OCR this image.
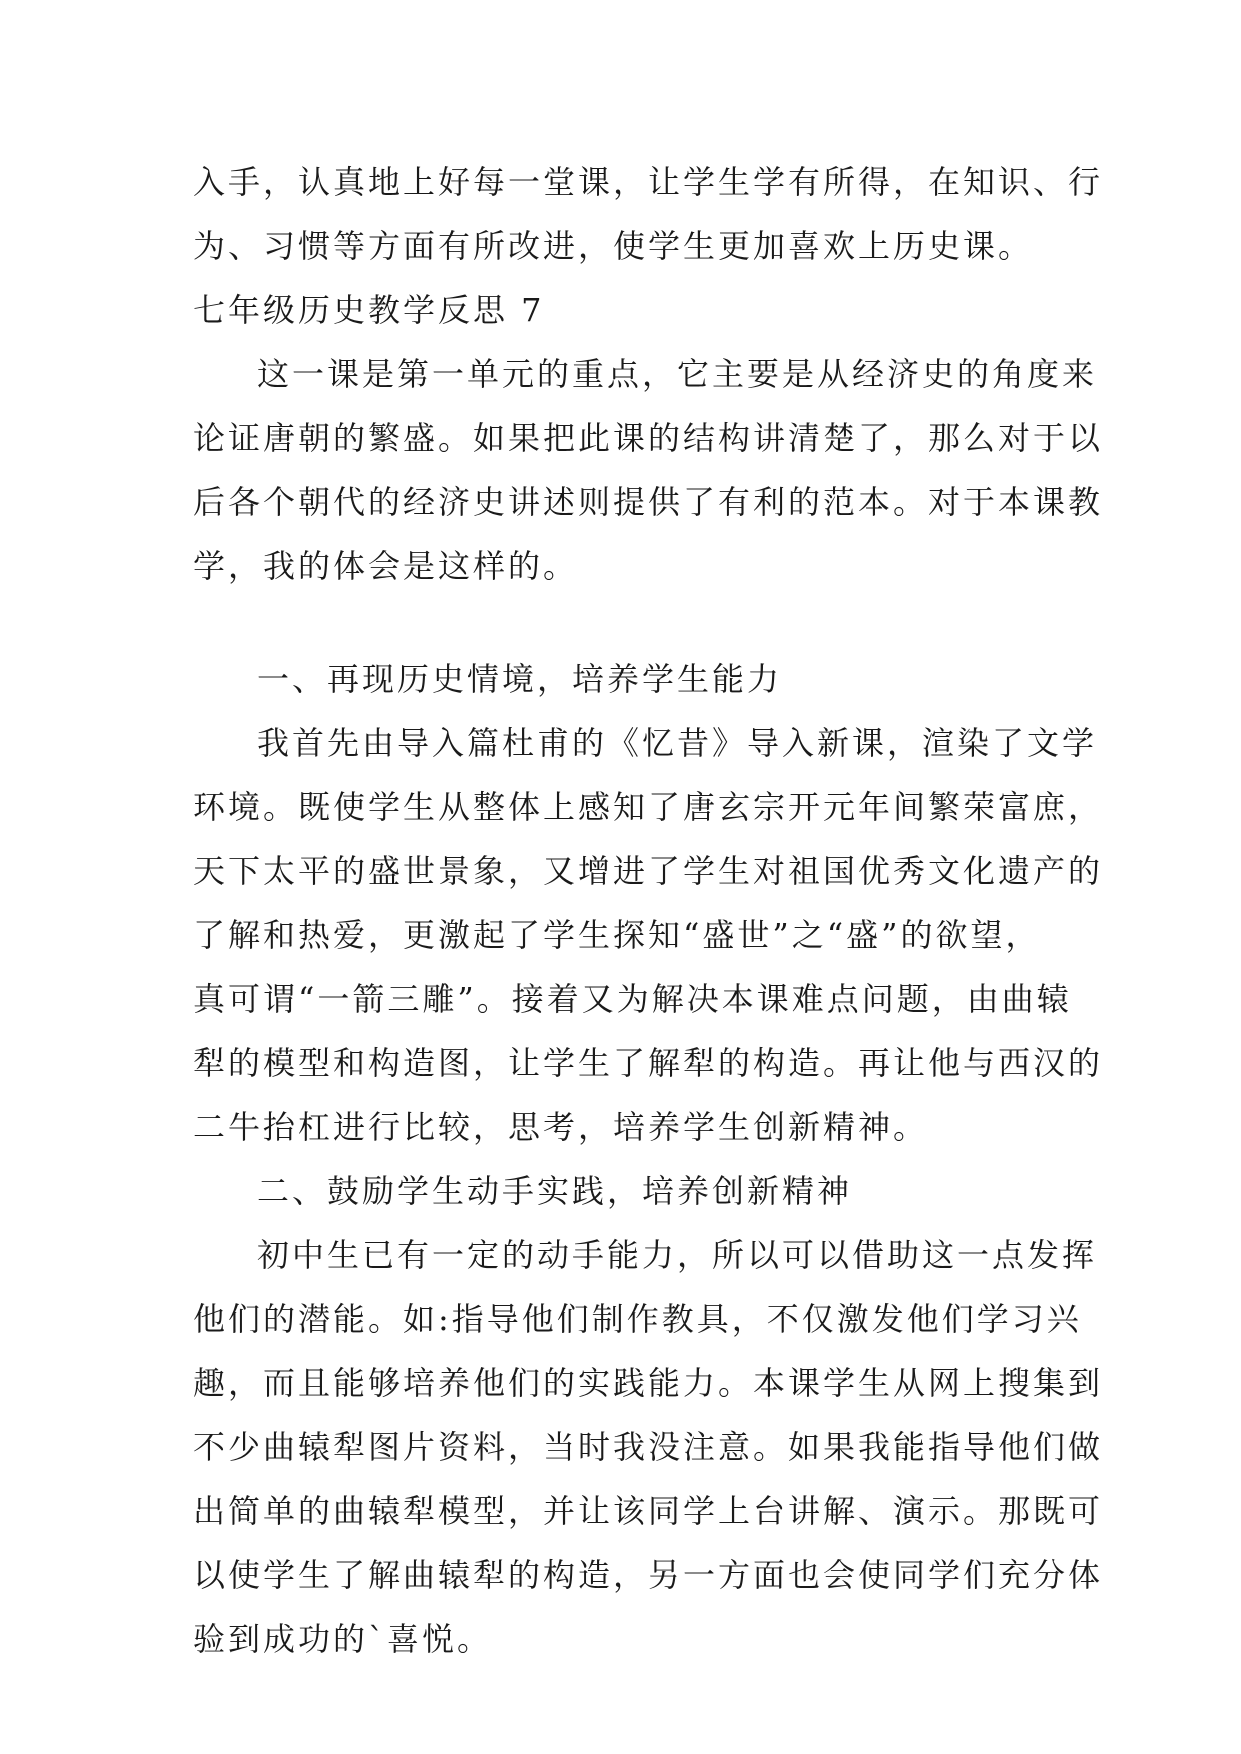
入手，认真地上好每一堂课，让学生学有所得，在知识、行
为、习惯等方面有所改进，使学生更加喜欢上历史课。
七年级历史教学反思 7
这一课是第一单元的重点，它主要是从经济史的角度来
论证唐朝的繁盛。如果把此课的结构讲清楚了，那么对于以
后各个朝代的经济史讲述则提供了有利的范本。对于本课教
学，我的体会是这样的。
一、再现历史情境，培养学生能力
我首先由导入篇杜甫的《忆昔》导入新课，渲染了文学
环境。既使学生从整体上感知了唐玄宗开元年间繁荣富庶，
天下太平的盛世景象，又增进了学生对祖国优秀文化遗产的
了解和热爱，更激起了学生探知“盛世”之“盛”的欲望，
真可谓“一箭三雕”。接着又为解决本课难点问题，由曲辕
犁的模型和构造图，让学生了解犁的构造。再让他与西汉的
二牛抬杠进行比较，思考，培养学生创新精神。
二、鼓励学生动手实践，培养创新精神
初中生已有一定的动手能力，所以可以借助这一点发挥
他们的潜能。如:指导他们制作教具，不仅激发他们学习兴
趣，而且能够培养他们的实践能力。本课学生从网上搜集到
不少曲辕犁图片资料，当时我没注意。如果我能指导他们做
出简单的曲辕犁模型，并让该同学上台讲解、演示。那既可
以使学生了解曲辕犁的构造，另一方面也会使同学们充分体
验到成功的`喜悦。
